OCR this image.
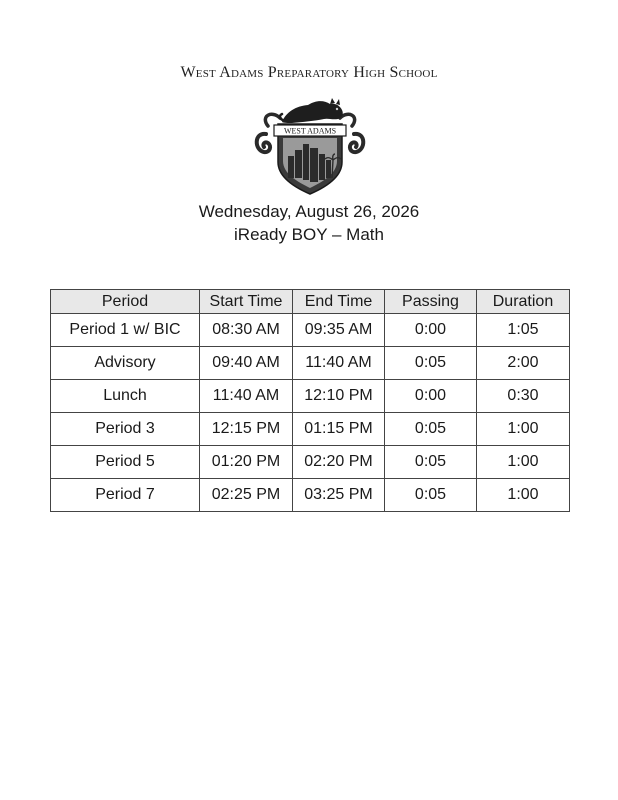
West Adams Preparatory High School
WEST ADAMS
Wednesday, August 26, 2026
iReady BOY – Math
Period	Start Time	End Time	Passing	Duration
Period 1 w/ BIC	08:30 AM	09:35 AM	0:00	1:05
Advisory	09:40 AM	11:40 AM	0:05	2:00
Lunch	11:40 AM	12:10 PM	0:00	0:30
Period 3	12:15 PM	01:15 PM	0:05	1:00
Period 5	01:20 PM	02:20 PM	0:05	1:00
Period 7	02:25 PM	03:25 PM	0:05	1:00
